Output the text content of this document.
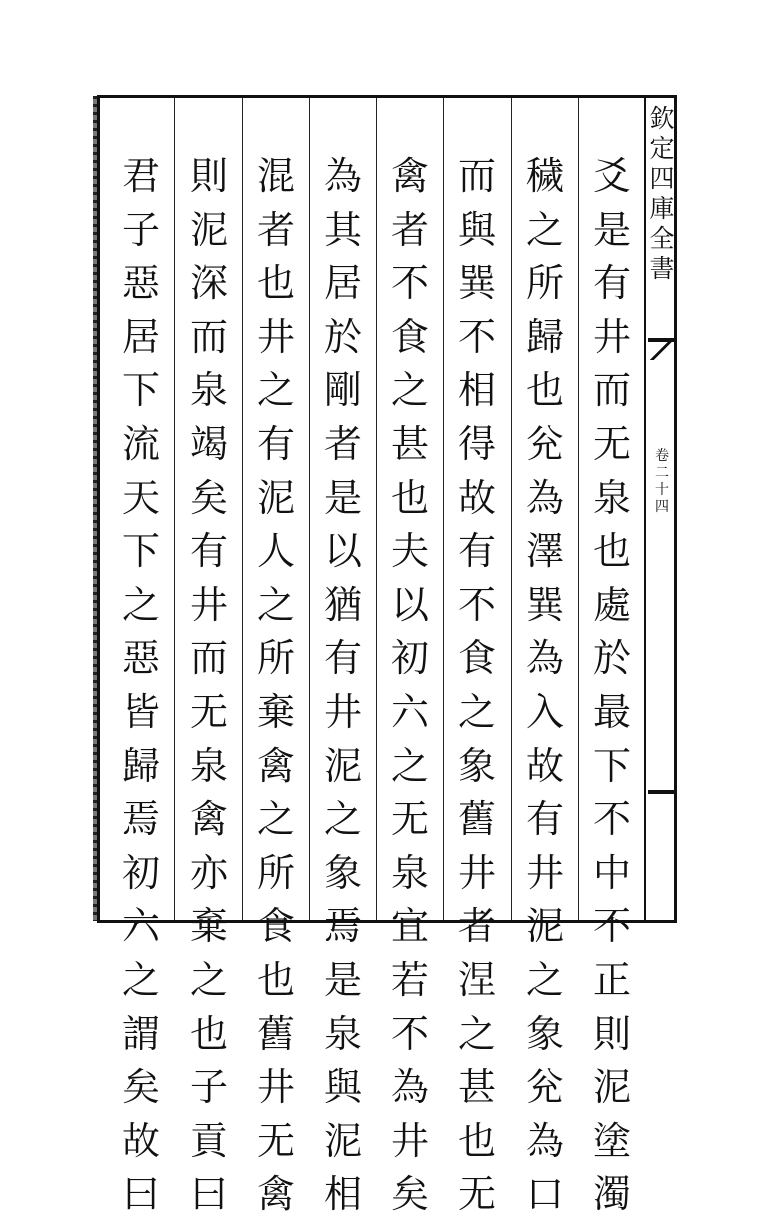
欽
定
四
庫
全
書
卷
二
十
四
爻
是
有
井
而
无
泉
也
處
於
最
下
不
中
不
正
則
泥
塗
濁
穢
之
所
歸
也
兊
為
澤
巽
為
入
故
有
井
泥
之
象
兊
為
口
而
與
巽
不
相
得
故
有
不
食
之
象
舊
井
者
涅
之
甚
也
无
禽
者
不
食
之
甚
也
夫
以
初
六
之
无
泉
宜
若
不
為
井
矣
為
其
居
於
剛
者
是
以
猶
有
井
泥
之
象
焉
是
泉
與
泥
相
混
者
也
井
之
有
泥
人
之
所
棄
禽
之
所
食
也
舊
井
无
禽
則
泥
深
而
泉
竭
矣
有
井
而
无
泉
禽
亦
棄
之
也
子
貢
曰
君
子
惡
居
下
流
天
下
之
惡
皆
歸
焉
初
六
之
謂
矣
故
曰
